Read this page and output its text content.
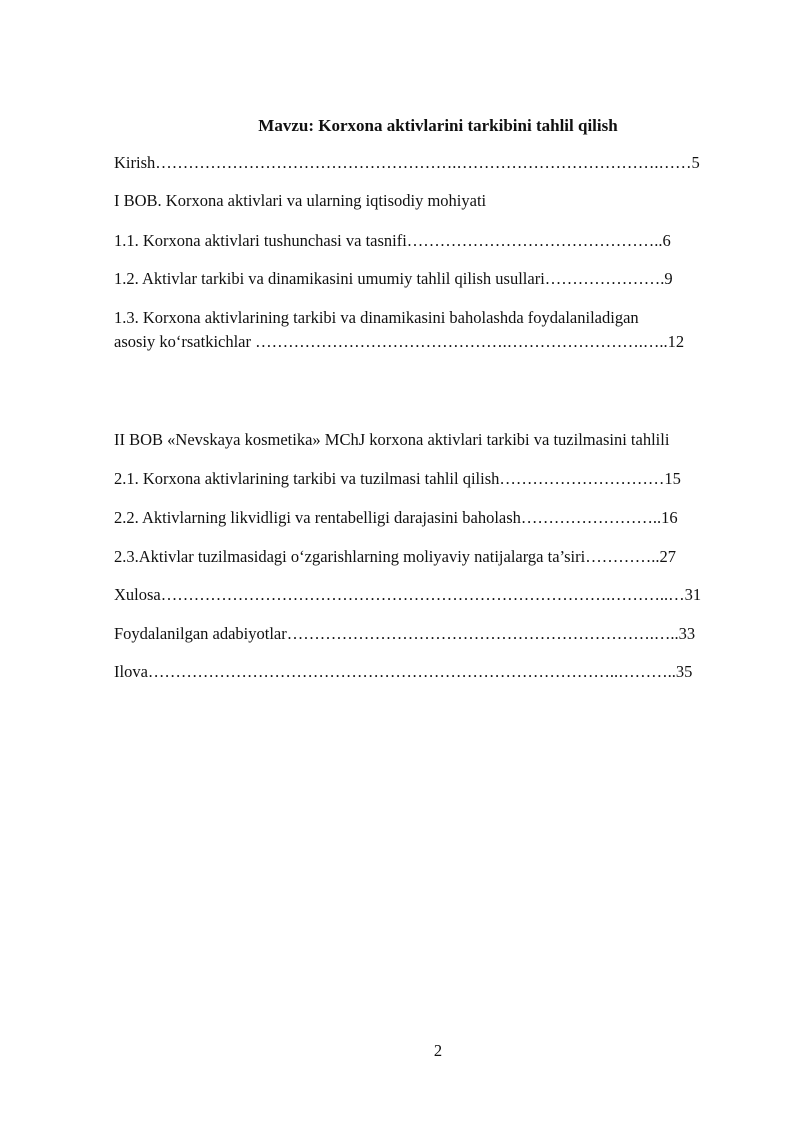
Mavzu: Korxona aktivlarini tarkibini tahlil qilish
Kirish……………………………………………….……………………………….……5
I BOB. Korxona aktivlari va ularning iqtisodiy mohiyati
1.1. Korxona aktivlari tushunchasi va tasnifi………………………………………..6
1.2. Aktivlar tarkibi va dinamikasini umumiy tahlil qilish usullari………………….9
1.3. Korxona aktivlarining tarkibi va dinamikasini baholashda foydalaniladigan
asosiy ko‘rsatkichlar ……………………………………….…………………….…..12
II BOB «Nevskaya kosmetika» MChJ korxona aktivlari tarkibi va tuzilmasini tahlili
2.1. Korxona aktivlarining tarkibi va tuzilmasi tahlil qilish…………………………15
2.2. Aktivlarning likvidligi va rentabelligi darajasini baholash……………………..16
2.3.Aktivlar tuzilmasidagi o‘zgarishlarning moliyaviy natijalarga ta’siri…………..27
Xulosa……………………………………………………………………….………..…31
Foydalanilgan adabiyotlar………………………………………………………….…..33
Ilova…………………………………………………………………………..………..35
2
